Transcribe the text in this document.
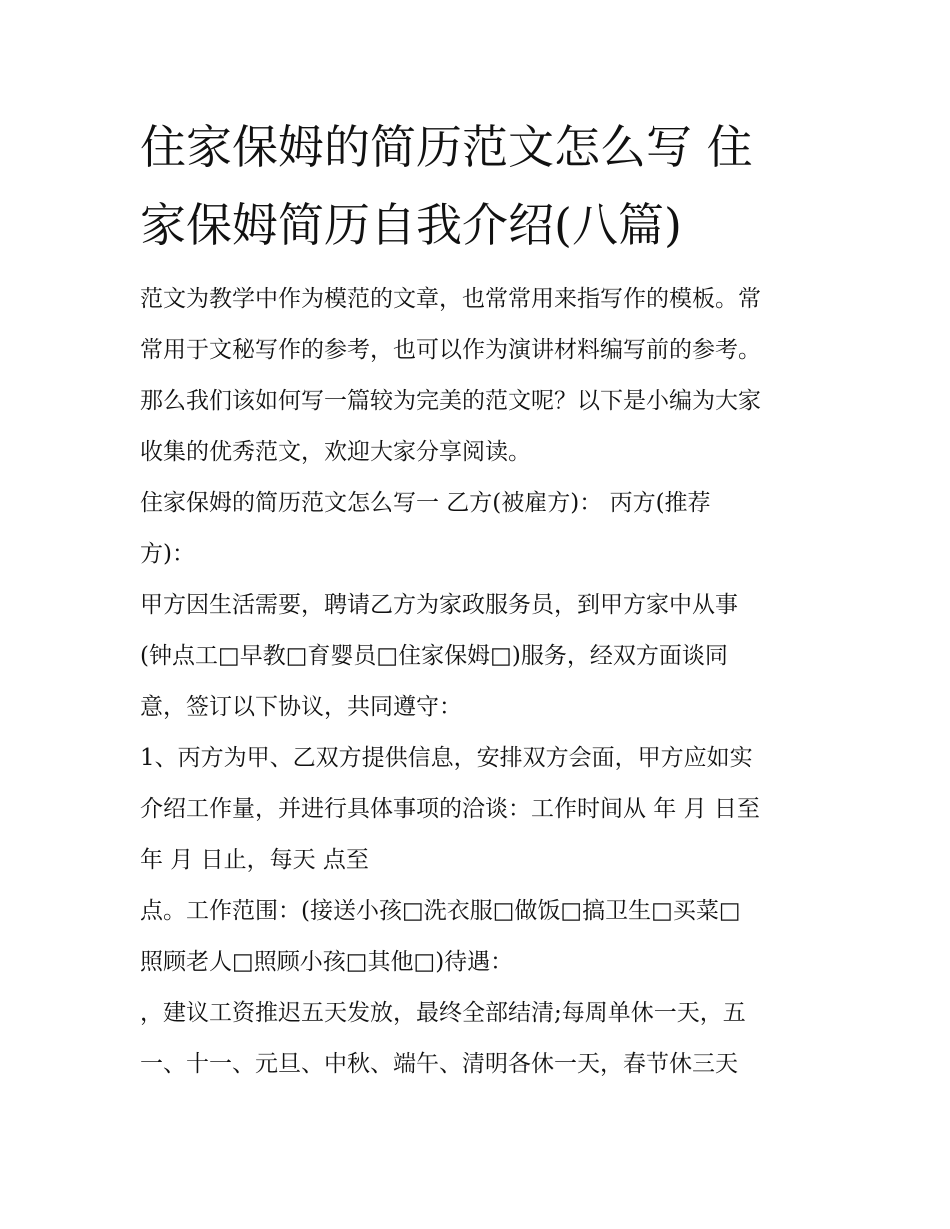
住家保姆的简历范文怎么写 住
家保姆简历自我介绍(八篇)
范文为教学中作为模范的文章，也常常用来指写作的模板。常
常用于文秘写作的参考，也可以作为演讲材料编写前的参考。
那么我们该如何写一篇较为完美的范文呢？以下是小编为大家
收集的优秀范文，欢迎大家分享阅读。
住家保姆的简历范文怎么写一 乙方(被雇方)： 丙方(推荐
方)：
甲方因生活需要，聘请乙方为家政服务员，到甲方家中从事
(钟点工□早教□育婴员□住家保姆□)服务，经双方面谈同
意，签订以下协议，共同遵守：
1、丙方为甲、乙双方提供信息，安排双方会面，甲方应如实
介绍工作量，并进行具体事项的洽谈：工作时间从 年 月 日至
年 月 日止，每天 点至
点。工作范围：(接送小孩□洗衣服□做饭□搞卫生□买菜□
照顾老人□照顾小孩□其他□)待遇：
，建议工资推迟五天发放，最终全部结清;每周单休一天，五
一、十一、元旦、中秋、端午、清明各休一天，春节休三天
